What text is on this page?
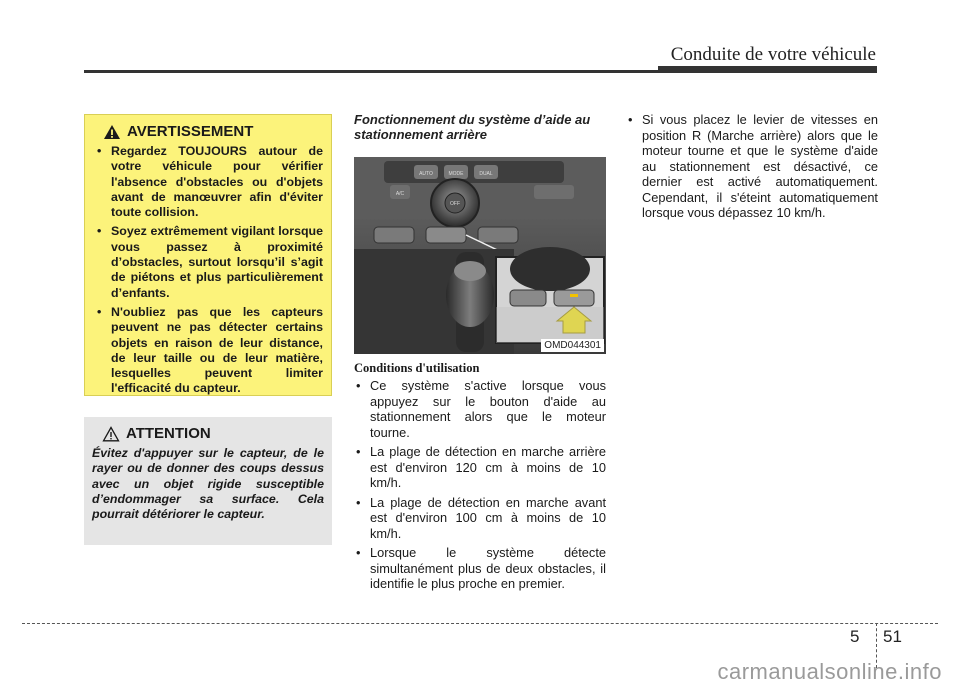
Conduite de votre véhicule
AVERTISSEMENT
• Regardez TOUJOURS autour de votre véhicule pour vérifier l'absence d'obstacles ou d'objets avant de manœuvrer afin d'éviter toute collision.
• Soyez extrêmement vigilant lorsque vous passez à proximité d’obstacles, surtout lorsqu’il s’agit de piétons et plus particulièrement d’enfants.
• N'oubliez pas que les capteurs peuvent ne pas détecter certains objets en raison de leur distance, de leur taille ou de leur matière, lesquelles peuvent limiter l'efficacité du capteur.
ATTENTION
Évitez d'appuyer sur le capteur, de le rayer ou de donner des coups dessus avec un objet rigide susceptible d’endommager sa surface. Cela pourrait détériorer le capteur.
Fonctionnement du système d’aide au stationnement arrière
AUTO	MODE	DUAL
A/C
OFF
OMD044301
Conditions d'utilisation
• Ce système s'active lorsque vous appuyez sur le bouton d'aide au stationnement alors que le moteur tourne.
• La plage de détection en marche arrière est d'environ 120 cm à moins de 10 km/h.
• La plage de détection en marche avant est d'environ 100 cm à moins de 10 km/h.
• Lorsque le système détecte simultanément plus de deux obstacles, il identifie le plus proche en premier.
• Si vous placez le levier de vitesses en position R (Marche arrière) alors que le moteur tourne et que le système d'aide au stationnement est désactivé, ce dernier est activé automatiquement. Cependant, il s'éteint automatiquement lorsque vous dépassez 10 km/h.
5 51
carmanualsonline.info
